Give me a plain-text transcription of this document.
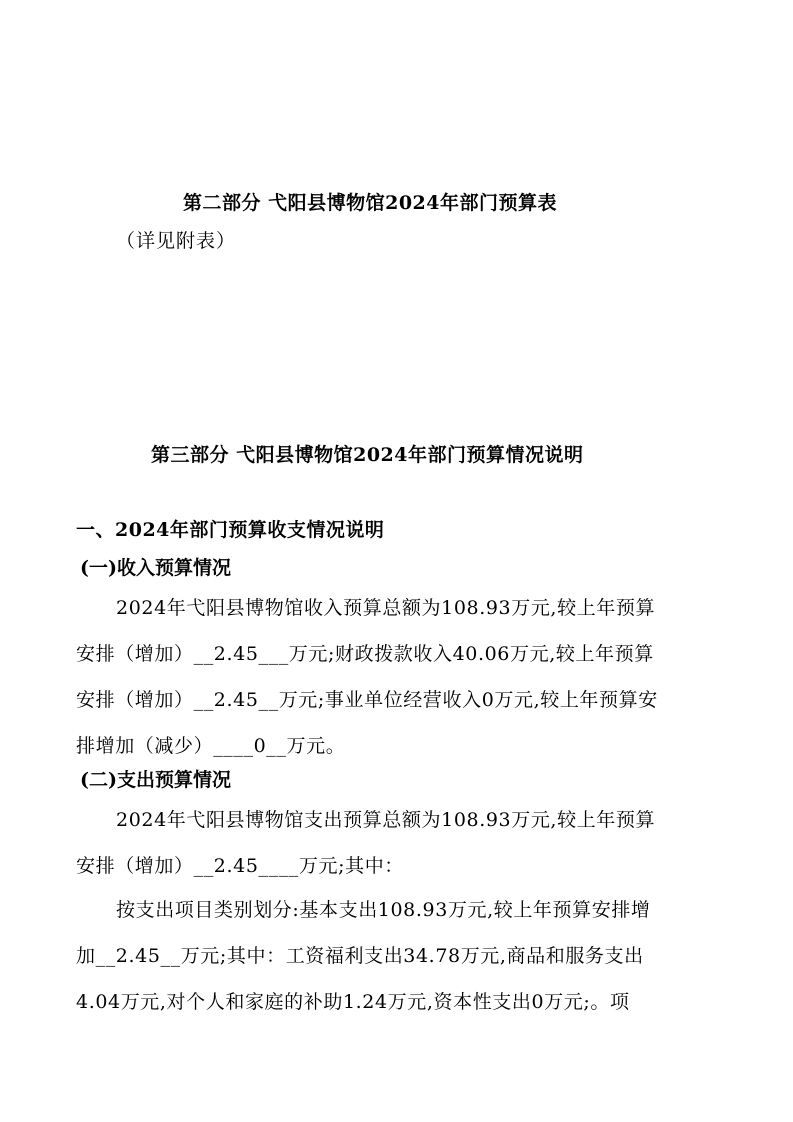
第二部分 弋阳县博物馆2024年部门预算表
（详见附表）
第三部分 弋阳县博物馆2024年部门预算情况说明
一、2024年部门预算收支情况说明
(一)收入预算情况
2024年弋阳县博物馆收入预算总额为108.93万元,较上年预算
安排（增加）__2.45___万元;财政拨款收入40.06万元,较上年预算
安排（增加）__2.45__万元;事业单位经营收入0万元,较上年预算安
排增加（减少）____0__万元。
(二)支出预算情况
2024年弋阳县博物馆支出预算总额为108.93万元,较上年预算
安排（增加）__2.45____万元;其中：
按支出项目类别划分:基本支出108.93万元,较上年预算安排增
加__2.45__万元;其中：工资福利支出34.78万元,商品和服务支出
4.04万元,对个人和家庭的补助1.24万元,资本性支出0万元;。项
